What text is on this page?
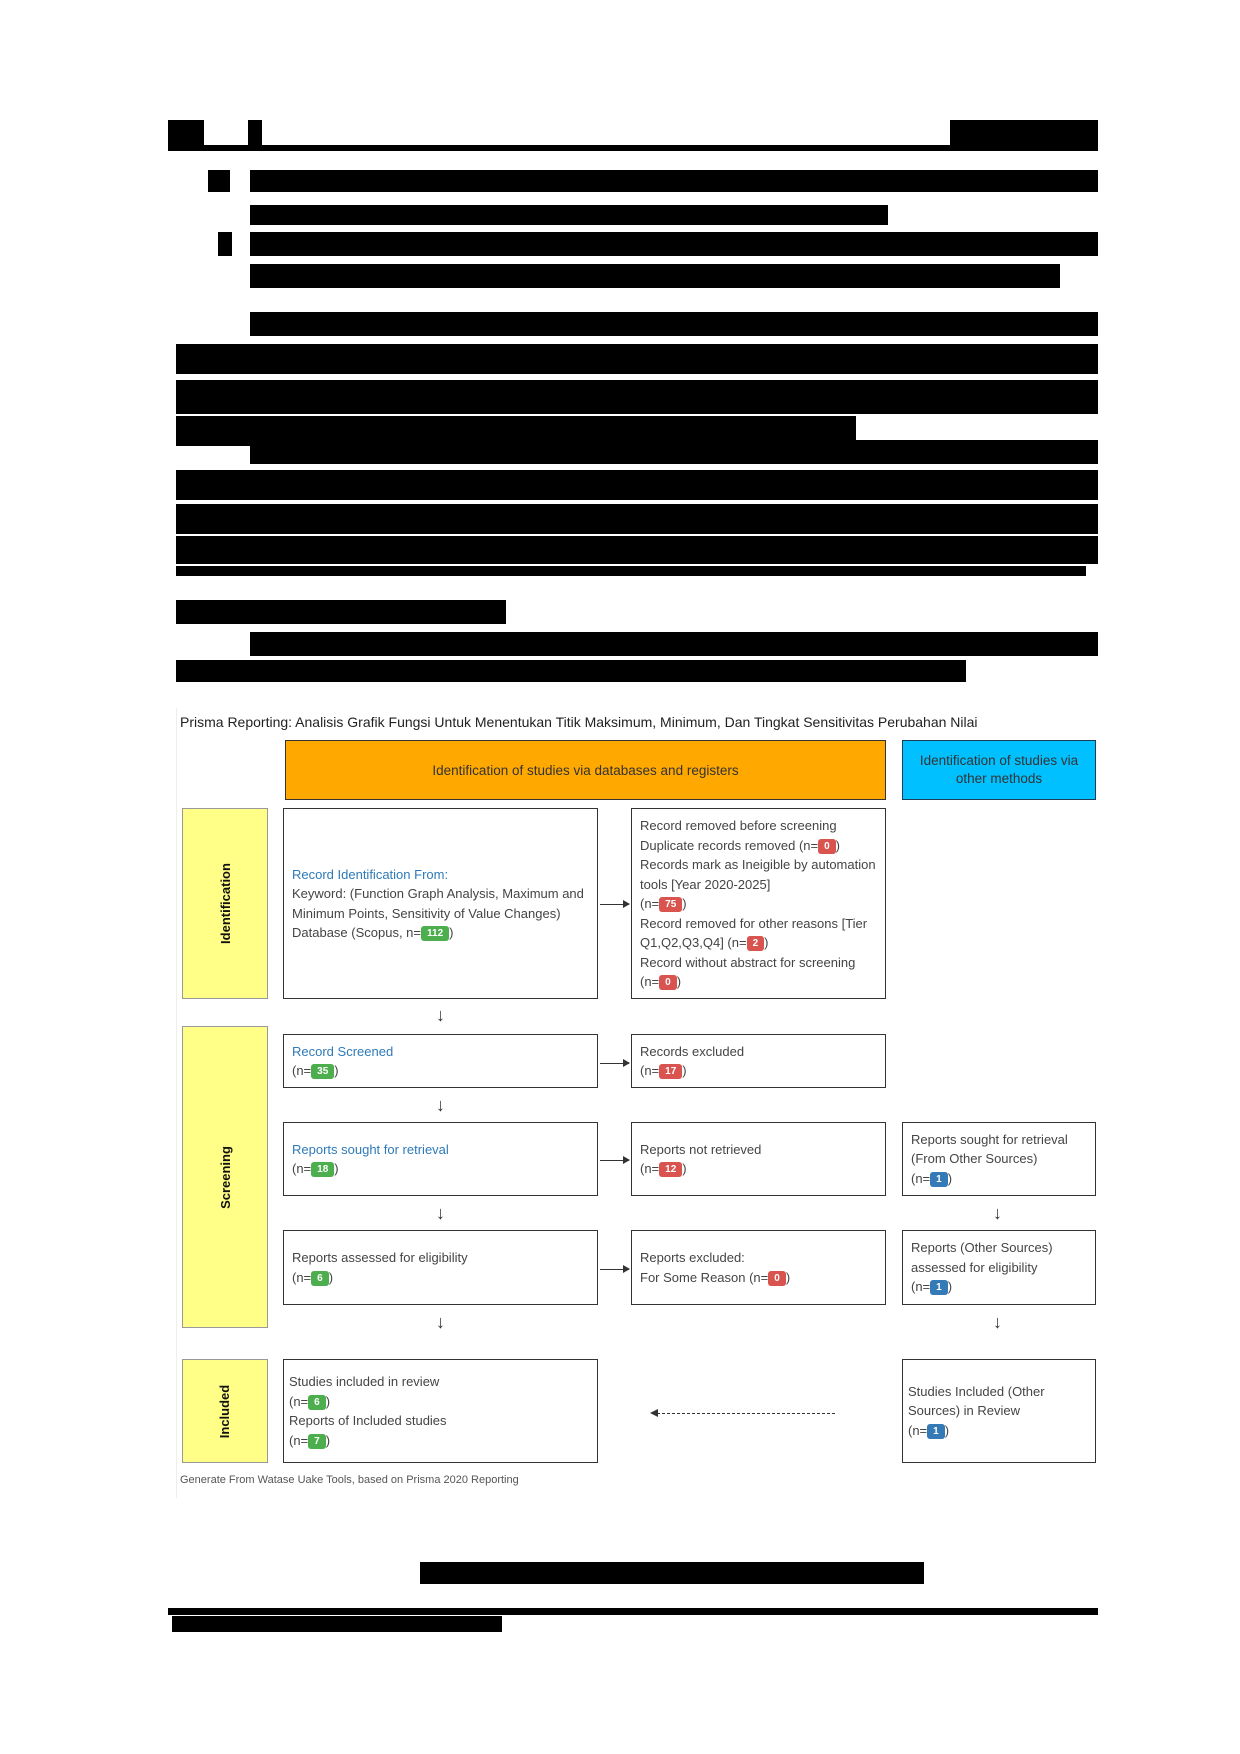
Prisma Reporting: Analisis Grafik Fungsi Untuk Menentukan Titik Maksimum, Minimum, Dan Tingkat Sensitivitas Perubahan Nilai
Identification of studies via databases and registers
Identification of studies via other methods
Identification
Screening
Included
Record Identification From:
Keyword: (Function Graph Analysis, Maximum and Minimum Points, Sensitivity of Value Changes)
Database (Scopus, n= 112 )
Record removed before screening
Duplicate records removed (n= 0 )
Records mark as Ineigible by automation tools [Year 2020-2025]
(n= 75 )
Record removed for other reasons [Tier Q1,Q2,Q3,Q4] (n= 2 )
Record without abstract for screening
(n= 0 )
↓
Record Screened
(n= 35 )
Records excluded
(n= 17 )
↓
Reports sought for retrieval
(n= 18 )
Reports not retrieved
(n= 12 )
Reports sought for retrieval (From Other Sources)
(n= 1 )
↓	↓
Reports assessed for eligibility
(n= 6 )
Reports excluded:
For Some Reason (n= 0 )
Reports (Other Sources) assessed for eligibility
(n= 1 )
↓	↓
Studies included in review
(n= 6 )
Reports of Included studies
(n= 7 )
Studies Included (Other Sources) in Review
(n= 1 )
Generate From Watase Uake Tools, based on Prisma 2020 Reporting
